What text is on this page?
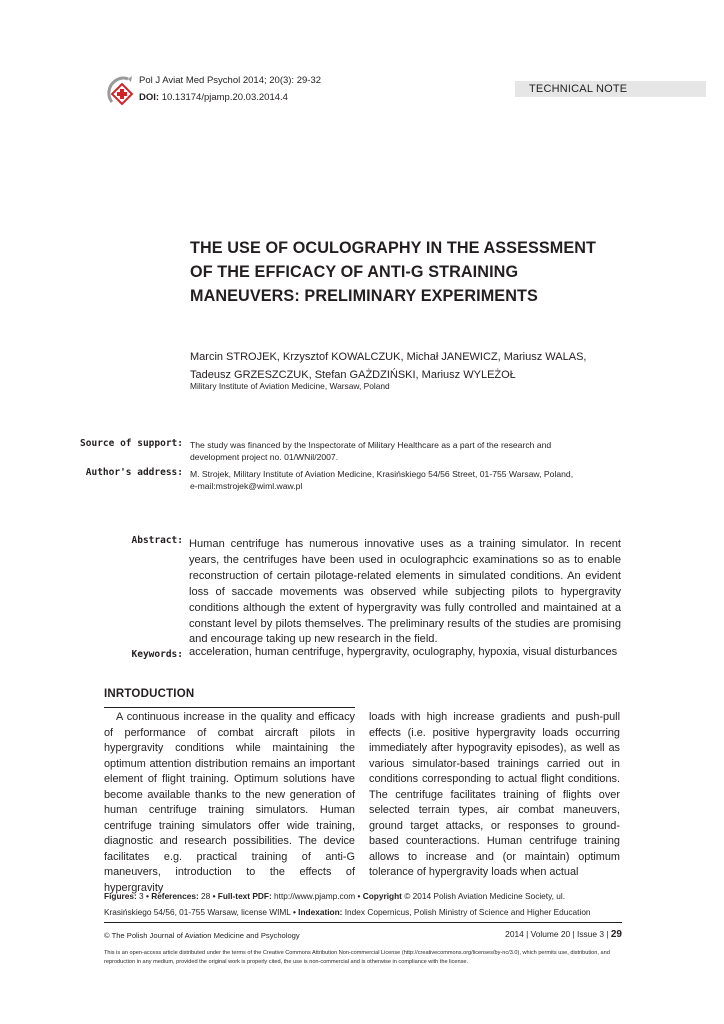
Pol J Aviat Med Psychol 2014; 20(3): 29-32
DOI: 10.13174/pjamp.20.03.2014.4
TECHNICAL NOTE
THE USE OF OCULOGRAPHY IN THE ASSESSMENT
OF THE EFFICACY OF ANTI-G STRAINING
MANEUVERS: PRELIMINARY EXPERIMENTS
Marcin STROJEK, Krzysztof KOWALCZUK, Michał JANEWICZ, Mariusz WALAS,
Tadeusz GRZESZCZUK, Stefan GAŻDZIŃSKI, Mariusz WYLEŻOŁ
Military Institute of Aviation Medicine, Warsaw, Poland
Source of support: The study was financed by the Inspectorate of Military Healthcare as a part of the research and
development project no. 01/WNil/2007.
Author's address: M. Strojek, Military Institute of Aviation Medicine, Krasińskiego 54/56 Street, 01-755 Warsaw, Poland,
e-mail:mstrojek@wiml.waw.pl
Abstract: Human centrifuge has numerous innovative uses as a training simulator. In recent years, the centrifuges have been used in oculographcic examinations so as to enable reconstruction of certain pilotage-related elements in simulated conditions. An evident loss of saccade movements was observed while subjecting pilots to hypergravity conditions although the extent of hypergravity was fully controlled and maintained at a constant level by pilots themselves. The preliminary results of the studies are promising and encourage taking up new research in the field.
Keywords: acceleration, human centrifuge, hypergravity, oculography, hypoxia, visual disturbances
INRTODUCTION
A continuous increase in the quality and efficacy of performance of combat aircraft pilots in hypergravity conditions while maintaining the optimum attention distribution remains an important element of flight training. Optimum solutions have become available thanks to the new generation of human centrifuge training simulators. Human centrifuge training simulators offer wide training, diagnostic and research possibilities. The device facilitates e.g. practical training of anti-G maneuvers, introduction to the effects of hypergravity
loads with high increase gradients and push-pull effects (i.e. positive hypergravity loads occurring immediately after hypogravity episodes), as well as various simulator-based trainings carried out in conditions corresponding to actual flight conditions. The centrifuge facilitates training of flights over selected terrain types, air combat maneuvers, ground target attacks, or responses to ground-based counteractions. Human centrifuge training allows to increase and (or maintain) optimum tolerance of hypergravity loads when actual
Figures: 3 • References: 28 • Full-text PDF: http://www.pjamp.com • Copyright © 2014 Polish Aviation Medicine Society, ul.
Krasińskiego 54/56, 01-755 Warsaw, license WIML • Indexation: Index Copernicus, Polish Ministry of Science and Higher Education
© The Polish Journal of Aviation Medicine and Psychology	2014 | Volume 20 | Issue 3 | 29
This is an open-access article distributed under the terms of the Creative Commons Attribution Non-commercial License (http://creativecommons.org/licenses/by-nc/3.0), which permits use, distribution, and reproduction in any medium, provided the original work is properly cited, the use is non-commercial and is otherwise in compliance with the license.
